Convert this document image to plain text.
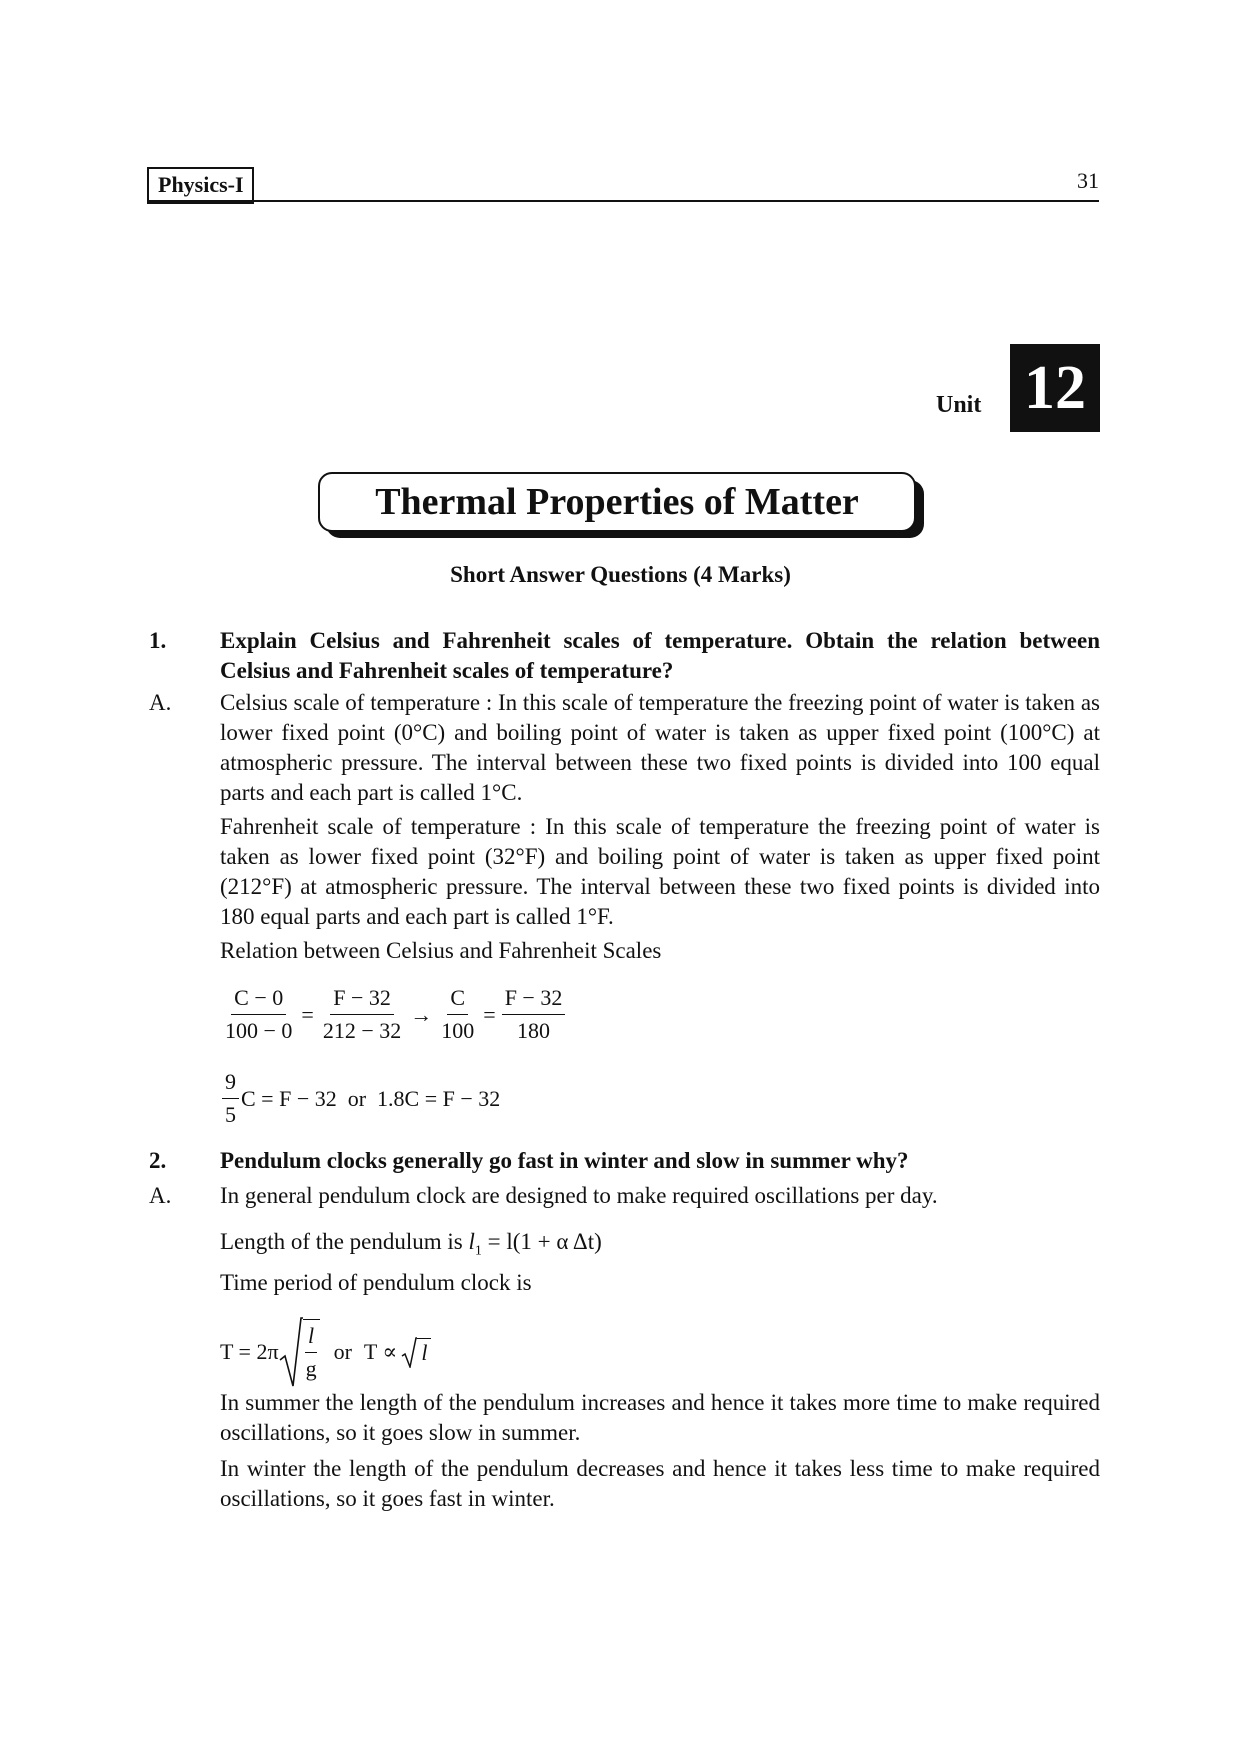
Physics-I	31
Unit 12
Thermal Properties of Matter
Short Answer Questions (4 Marks)
1. Explain Celsius and Fahrenheit scales of temperature. Obtain the relation between Celsius and Fahrenheit scales of temperature?
A. Celsius scale of temperature : In this scale of temperature the freezing point of water is taken as lower fixed point (0°C) and boiling point of water is taken as upper fixed point (100°C) at atmospheric pressure. The interval between these two fixed points is divided into 100 equal parts and each part is called 1°C.
Fahrenheit scale of temperature : In this scale of temperature the freezing point of water is taken as lower fixed point (32°F) and boiling point of water is taken as upper fixed point (212°F) at atmospheric pressure. The interval between these two fixed points is divided into 180 equal parts and each part is called 1°F.
Relation between Celsius and Fahrenheit Scales
$\frac{C - 0}{100 - 0} = \frac{F - 32}{212 - 32} \to \frac{C}{100} = \frac{F - 32}{180}$
$\frac{9}{5}$ C = F − 32  or  1.8C = F − 32
2. Pendulum clocks generally go fast in winter and slow in summer why?
A. In general pendulum clock are designed to make required oscillations per day.
Length of the pendulum is $l_1 = l(1 + \alpha$ Δt)
Time period of pendulum clock is
$T = 2\pi \frac{l}{g}$ or T ∝ l
In summer the length of the pendulum increases and hence it takes more time to make required oscillations, so it goes slow in summer.
In winter the length of the pendulum decreases and hence it takes less time to make required oscillations, so it goes fast in winter.
